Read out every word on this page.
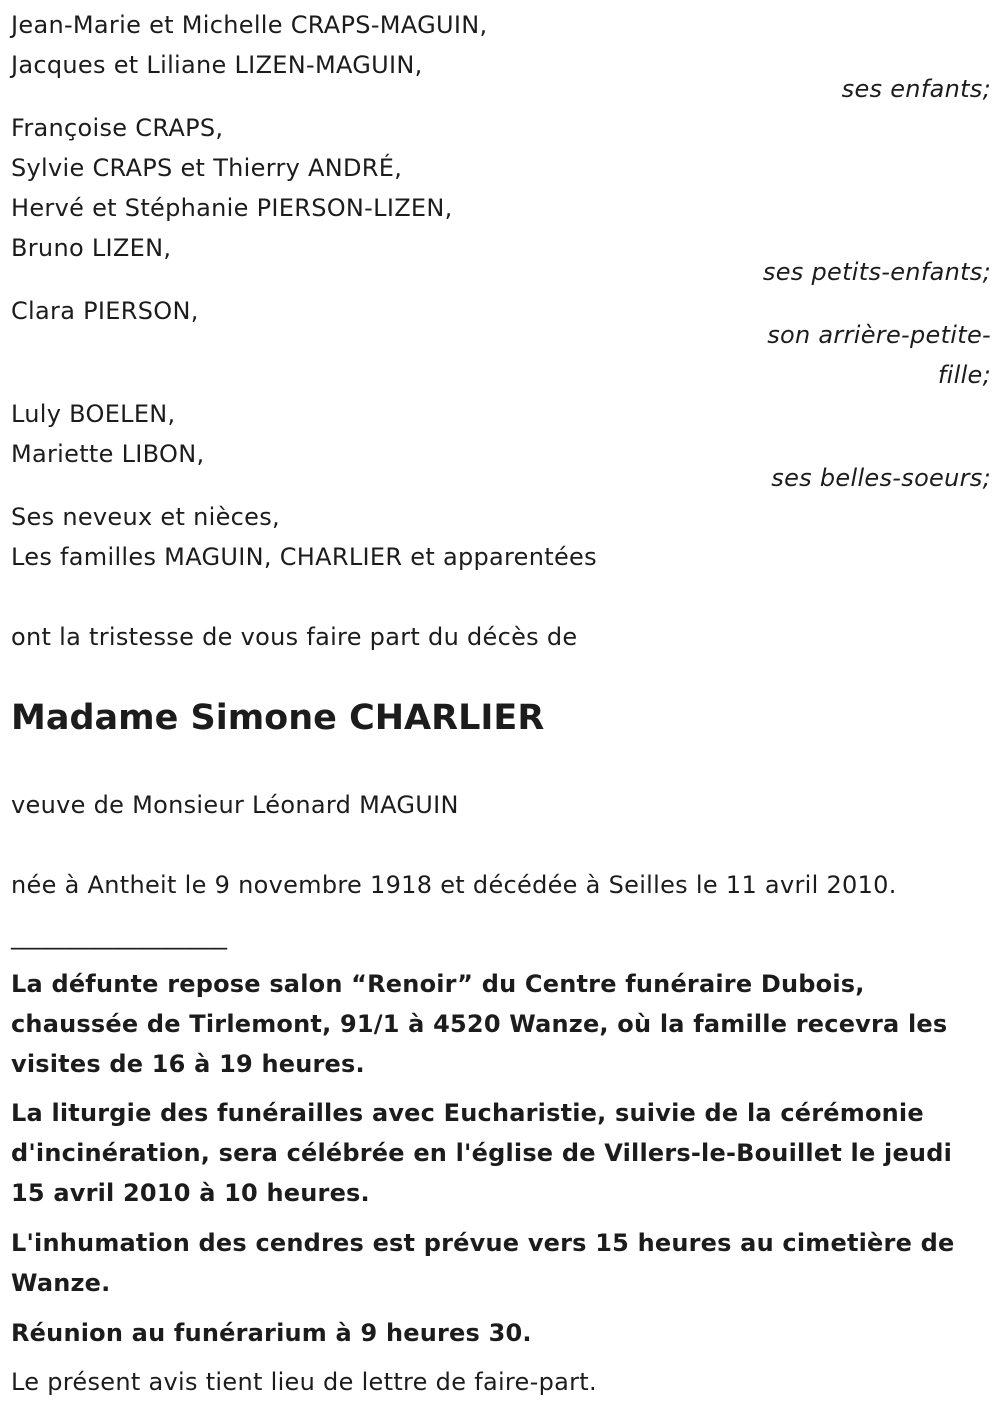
Jean-Marie et Michelle CRAPS-MAGUIN,
Jacques et Liliane LIZEN-MAGUIN,
ses enfants;
Françoise CRAPS,
Sylvie CRAPS et Thierry ANDRÉ,
Hervé et Stéphanie PIERSON-LIZEN,
Bruno LIZEN,
ses petits-enfants;
Clara PIERSON,
son arrière-petite-
fille;
Luly BOELEN,
Mariette LIBON,
ses belles-soeurs;
Ses neveux et nièces,
Les familles MAGUIN, CHARLIER et apparentées
ont la tristesse de vous faire part du décès de
Madame Simone CHARLIER
veuve de Monsieur Léonard MAGUIN
née à Antheit le 9 novembre 1918 et décédée à Seilles le 11 avril 2010.
__________________
La défunte repose salon “Renoir” du Centre funéraire Dubois, chaussée de Tirlemont, 91/1 à 4520 Wanze, où la famille recevra les visites de 16 à 19 heures.
La liturgie des funérailles avec Eucharistie, suivie de la cérémonie d'incinération, sera célébrée en l'église de Villers-le-Bouillet le jeudi 15 avril 2010 à 10 heures.
L'inhumation des cendres est prévue vers 15 heures au cimetière de Wanze.
Réunion au funérarium à 9 heures 30.
Le présent avis tient lieu de lettre de faire-part.
